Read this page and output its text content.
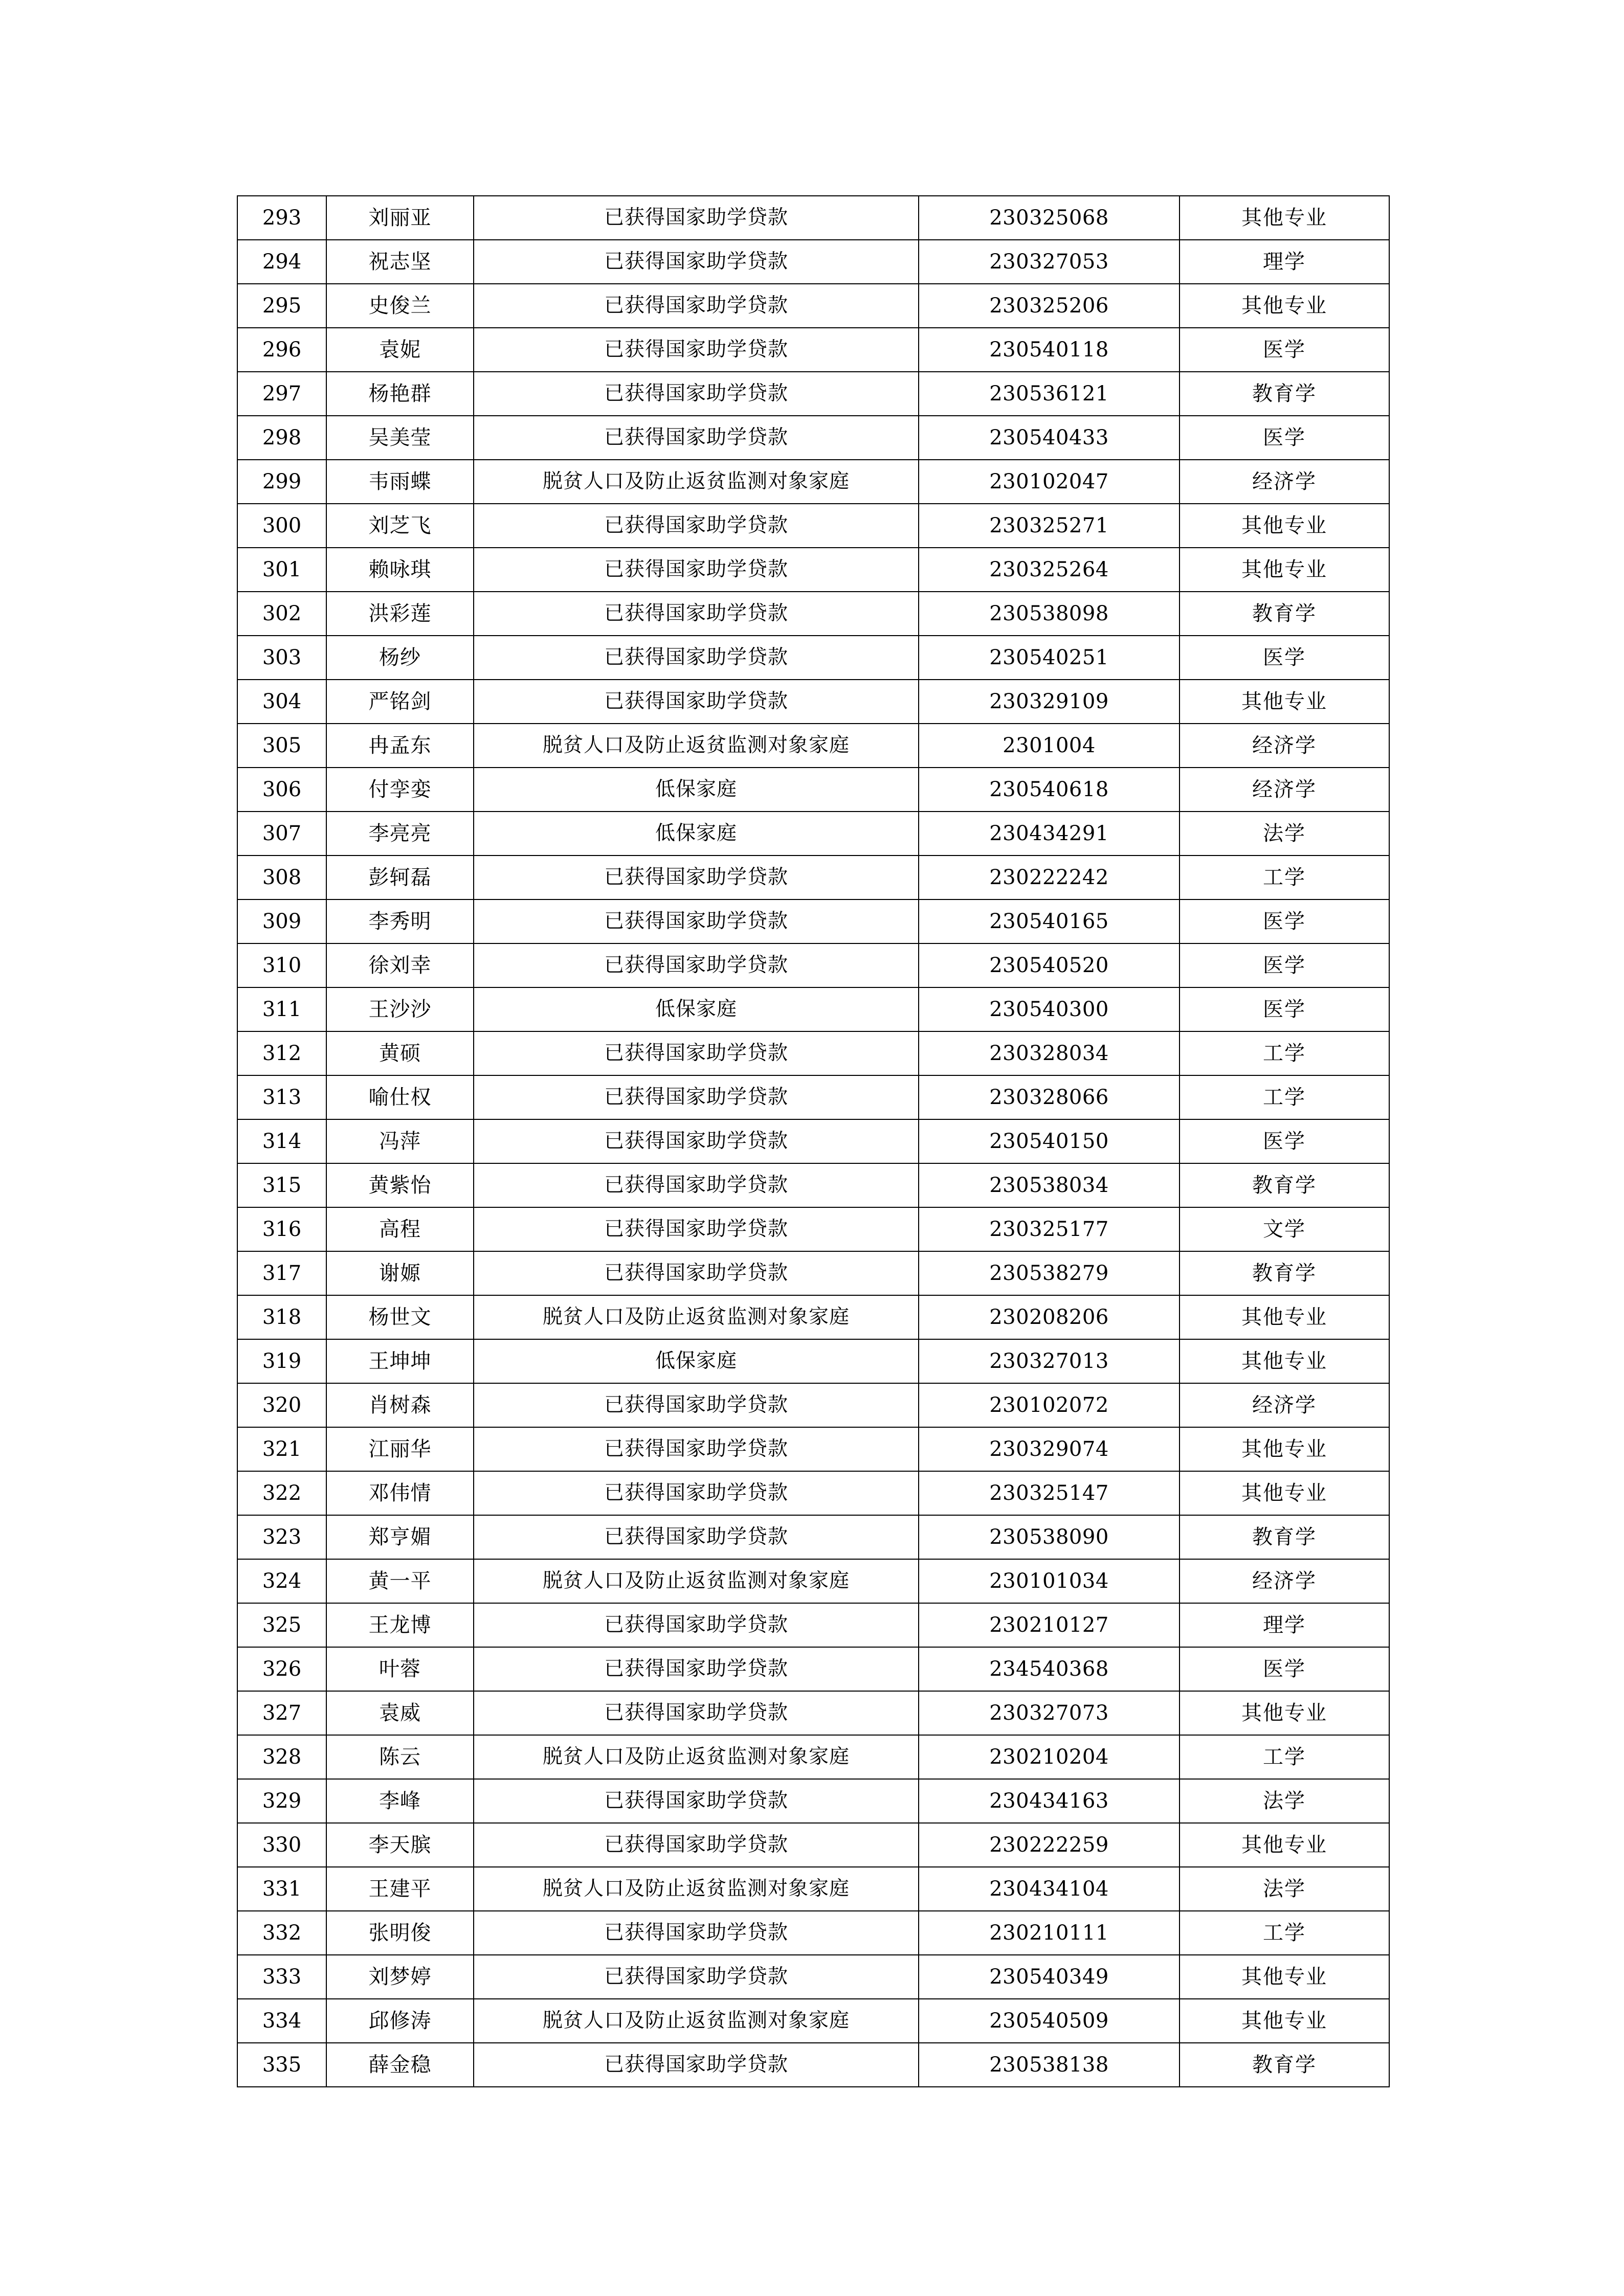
293	刘丽亚	已获得国家助学贷款	230325068	其他专业
294	祝志坚	已获得国家助学贷款	230327053	理学
295	史俊兰	已获得国家助学贷款	230325206	其他专业
296	袁妮	已获得国家助学贷款	230540118	医学
297	杨艳群	已获得国家助学贷款	230536121	教育学
298	吴美莹	已获得国家助学贷款	230540433	医学
299	韦雨蝶	脱贫人口及防止返贫监测对象家庭	230102047	经济学
300	刘芝飞	已获得国家助学贷款	230325271	其他专业
301	赖咏琪	已获得国家助学贷款	230325264	其他专业
302	洪彩莲	已获得国家助学贷款	230538098	教育学
303	杨纱	已获得国家助学贷款	230540251	医学
304	严铭剑	已获得国家助学贷款	230329109	其他专业
305	冉孟东	脱贫人口及防止返贫监测对象家庭	2301004	经济学
306	付孪娈	低保家庭	230540618	经济学
307	李亮亮	低保家庭	230434291	法学
308	彭轲磊	已获得国家助学贷款	230222242	工学
309	李秀明	已获得国家助学贷款	230540165	医学
310	徐刘幸	已获得国家助学贷款	230540520	医学
311	王沙沙	低保家庭	230540300	医学
312	黄硕	已获得国家助学贷款	230328034	工学
313	喻仕权	已获得国家助学贷款	230328066	工学
314	冯萍	已获得国家助学贷款	230540150	医学
315	黄紫怡	已获得国家助学贷款	230538034	教育学
316	高程	已获得国家助学贷款	230325177	文学
317	谢嫄	已获得国家助学贷款	230538279	教育学
318	杨世文	脱贫人口及防止返贫监测对象家庭	230208206	其他专业
319	王坤坤	低保家庭	230327013	其他专业
320	肖树森	已获得国家助学贷款	230102072	经济学
321	江丽华	已获得国家助学贷款	230329074	其他专业
322	邓伟情	已获得国家助学贷款	230325147	其他专业
323	郑亨媚	已获得国家助学贷款	230538090	教育学
324	黄一平	脱贫人口及防止返贫监测对象家庭	230101034	经济学
325	王龙博	已获得国家助学贷款	230210127	理学
326	叶蓉	已获得国家助学贷款	234540368	医学
327	袁威	已获得国家助学贷款	230327073	其他专业
328	陈云	脱贫人口及防止返贫监测对象家庭	230210204	工学
329	李峰	已获得国家助学贷款	230434163	法学
330	李天膑	已获得国家助学贷款	230222259	其他专业
331	王建平	脱贫人口及防止返贫监测对象家庭	230434104	法学
332	张明俊	已获得国家助学贷款	230210111	工学
333	刘梦婷	已获得国家助学贷款	230540349	其他专业
334	邱修涛	脱贫人口及防止返贫监测对象家庭	230540509	其他专业
335	薛金稳	已获得国家助学贷款	230538138	教育学
